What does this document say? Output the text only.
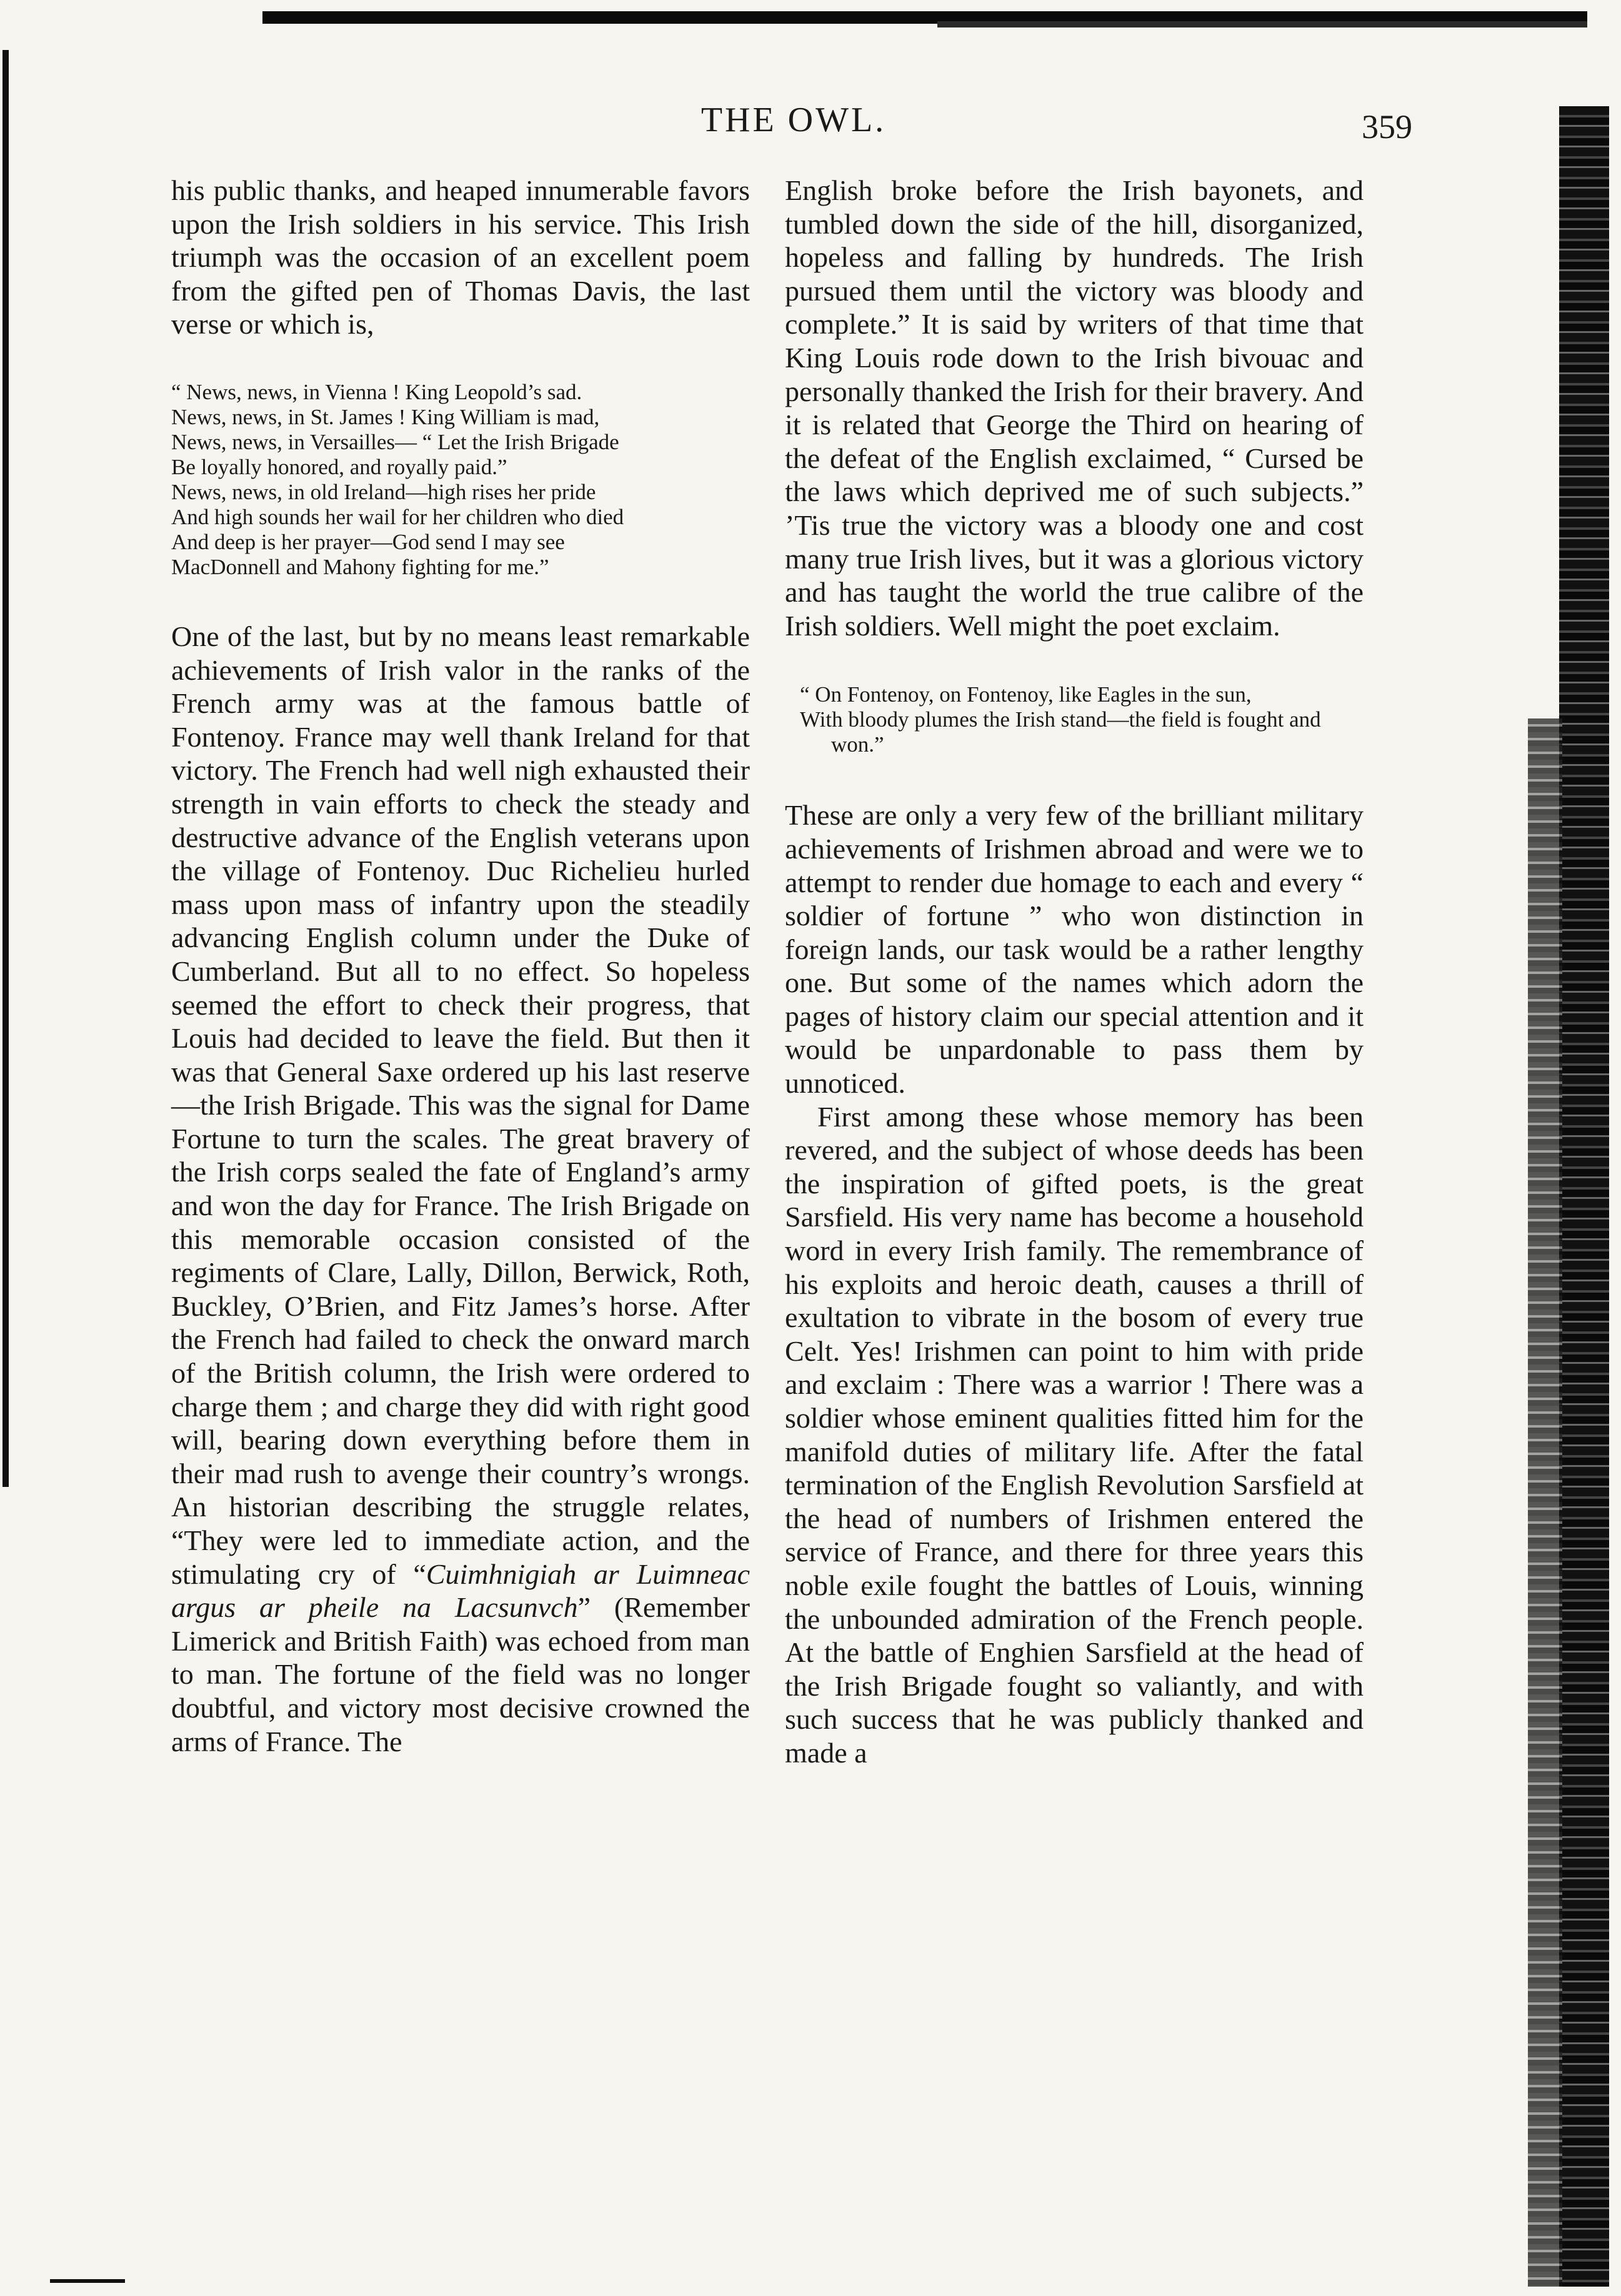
THE OWL.	359

his public thanks, and heaped innumerable favors upon the Irish soldiers in his service. This Irish triumph was the occasion of an excellent poem from the gifted pen of Thomas Davis, the last verse or which is,

“ News, news, in Vienna ! King Leopold’s sad.

News, news, in St. James ! King William is mad,

News, news, in Versailles— “ Let the Irish Brigade

Be loyally honored, and royally paid.”

News, news, in old Ireland—high rises her pride

And high sounds her wail for her children who died

And deep is her prayer—God send I may see

MacDonnell and Mahony fighting for me.”

One of the last, but by no means least remarkable achievements of Irish valor in the ranks of the French army was at the famous battle of Fontenoy. France may well thank Ireland for that victory. The French had well nigh exhausted their strength in vain efforts to check the steady and destructive advance of the English veterans upon the village of Fontenoy. Duc Richelieu hurled mass upon mass of infantry upon the steadily advancing English column under the Duke of Cumberland. But all to no effect. So hopeless seemed the effort to check their progress, that Louis had decided to leave the field. But then it was that General Saxe ordered up his last reserve—the Irish Brigade. This was the signal for Dame Fortune to turn the scales. The great bravery of the Irish corps sealed the fate of England’s army and won the day for France. The Irish Brigade on this memorable occasion consisted of the regiments of Clare, Lally, Dillon, Berwick, Roth, Buckley, O’Brien, and Fitz James’s horse. After the French had failed to check the onward march of the British column, the Irish were ordered to charge them ; and charge they did with right good will, bearing down everything before them in their mad rush to avenge their country’s wrongs. An historian describing the struggle relates, “They were led to immediate action, and the stimulating cry of “Cuimhnigiah ar Luimneac argus ar pheile na Lacsunvch” (Remember Limerick and British Faith) was echoed from man to man. The fortune of the field was no longer doubtful, and victory most decisive crowned the arms of France. The

English broke before the Irish bayonets, and tumbled down the side of the hill, disorganized, hopeless and falling by hundreds. The Irish pursued them until the victory was bloody and complete.” It is said by writers of that time that King Louis rode down to the Irish bivouac and personally thanked the Irish for their bravery. And it is related that George the Third on hearing of the defeat of the English exclaimed, “ Cursed be the laws which deprived me of such subjects.” ’Tis true the victory was a bloody one and cost many true Irish lives, but it was a glorious victory and has taught the world the true calibre of the Irish soldiers. Well might the poet exclaim.

“ On Fontenoy, on Fontenoy, like Eagles in the sun,

With bloody plumes the Irish stand—the field is fought and won.”

These are only a very few of the brilliant military achievements of Irishmen abroad and were we to attempt to render due homage to each and every “ soldier of fortune ” who won distinction in foreign lands, our task would be a rather lengthy one. But some of the names which adorn the pages of history claim our special attention and it would be unpardonable to pass them by unnoticed.

First among these whose memory has been revered, and the subject of whose deeds has been the inspiration of gifted poets, is the great Sarsfield. His very name has become a household word in every Irish family. The remembrance of his exploits and heroic death, causes a thrill of exultation to vibrate in the bosom of every true Celt. Yes! Irishmen can point to him with pride and exclaim : There was a warrior ! There was a soldier whose eminent qualities fitted him for the manifold duties of military life. After the fatal termination of the English Revolution Sarsfield at the head of numbers of Irishmen entered the service of France, and there for three years this noble exile fought the battles of Louis, winning the unbounded admiration of the French people. At the battle of Enghien Sarsfield at the head of the Irish Brigade fought so valiantly, and with such success that he was publicly thanked and made a
